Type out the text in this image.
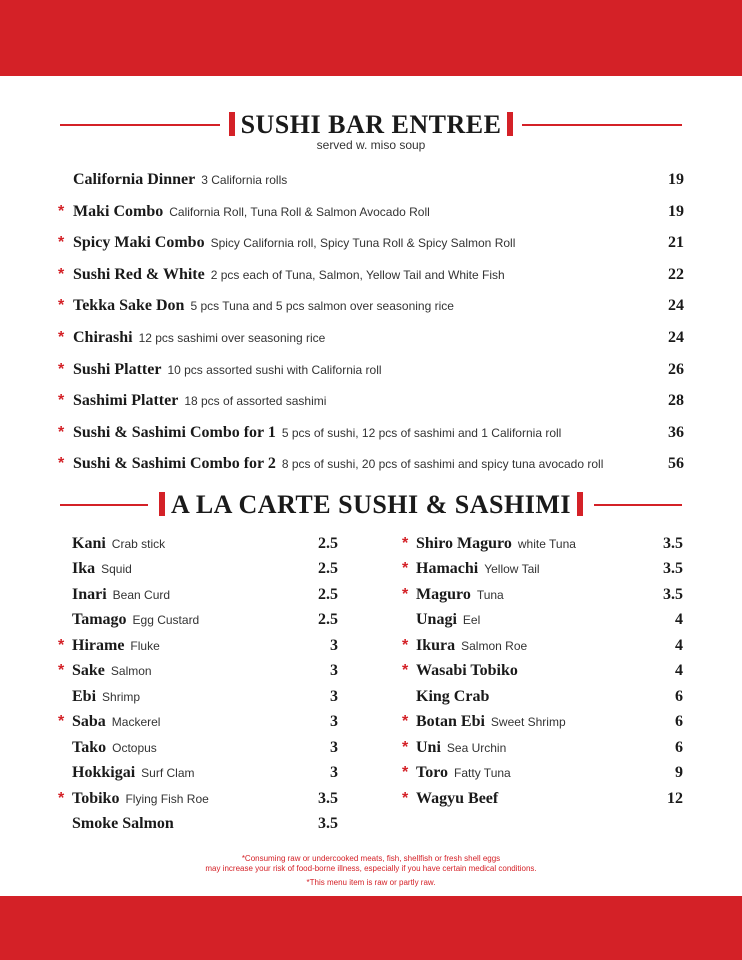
SUSHI BAR ENTREE
served w. miso soup
California Dinner 3 California rolls	19
* Maki Combo California Roll, Tuna Roll & Salmon Avocado Roll	19
* Spicy Maki Combo Spicy California roll, Spicy Tuna Roll & Spicy Salmon Roll	21
* Sushi Red & White 2 pcs each of Tuna, Salmon, Yellow Tail and White Fish	22
* Tekka Sake Don 5 pcs Tuna and 5 pcs salmon over seasoning rice	24
* Chirashi 12 pcs sashimi over seasoning rice	24
* Sushi Platter 10 pcs assorted sushi with California roll	26
* Sashimi Platter 18 pcs of assorted sashimi	28
* Sushi & Sashimi Combo for 1 5 pcs of sushi, 12 pcs of sashimi and 1 California roll	36
* Sushi & Sashimi Combo for 2 8 pcs of sushi, 20 pcs of sashimi and spicy tuna avocado roll	56
A LA CARTE SUSHI & SASHIMI
Kani Crab stick	2.5
Ika Squid	2.5
Inari Bean Curd	2.5
Tamago Egg Custard	2.5
* Hirame Fluke	3
* Sake Salmon	3
Ebi Shrimp	3
* Saba Mackerel	3
Tako Octopus	3
Hokkigai Surf Clam	3
* Tobiko Flying Fish Roe	3.5
Smoke Salmon	3.5
* Shiro Maguro white Tuna	3.5
* Hamachi Yellow Tail	3.5
* Maguro Tuna	3.5
Unagi Eel	4
* Ikura Salmon Roe	4
* Wasabi Tobiko	4
King Crab	6
* Botan Ebi Sweet Shrimp	6
* Uni Sea Urchin	6
* Toro Fatty Tuna	9
* Wagyu Beef	12
*Consuming raw or undercooked meats, fish, shellfish or fresh shell eggs
may increase your risk of food-borne illness, especially if you have certain medical conditions.
*This menu item is raw or partly raw.
